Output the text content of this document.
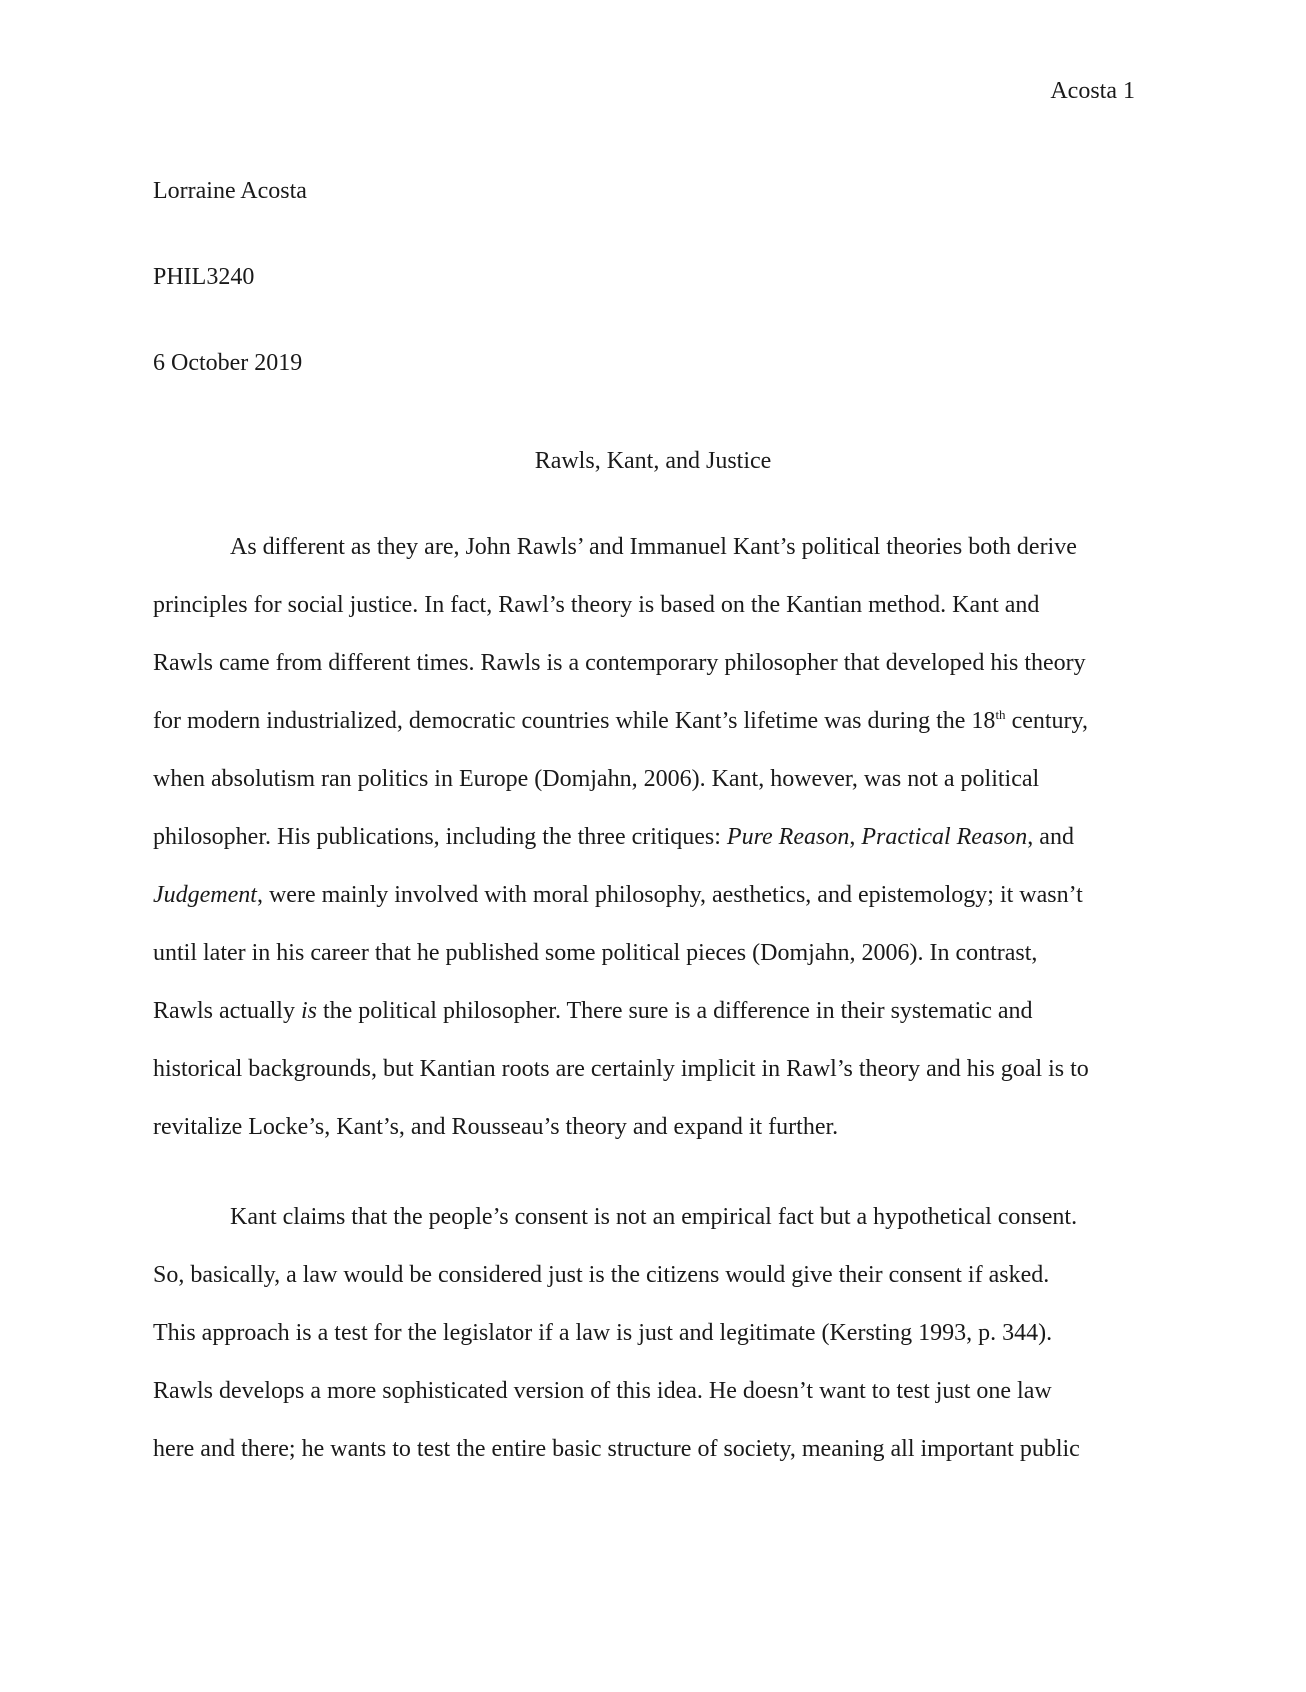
Acosta 1
Lorraine Acosta
PHIL3240
6 October 2019
Rawls, Kant, and Justice
As different as they are, John Rawls’ and Immanuel Kant’s political theories both derive
principles for social justice. In fact, Rawl’s theory is based on the Kantian method. Kant and
Rawls came from different times. Rawls is a contemporary philosopher that developed his theory
for modern industrialized, democratic countries while Kant’s lifetime was during the 18th century,
when absolutism ran politics in Europe (Domjahn, 2006). Kant, however, was not a political
philosopher. His publications, including the three critiques: Pure Reason, Practical Reason, and
Judgement, were mainly involved with moral philosophy, aesthetics, and epistemology; it wasn’t
until later in his career that he published some political pieces (Domjahn, 2006). In contrast,
Rawls actually is the political philosopher. There sure is a difference in their systematic and
historical backgrounds, but Kantian roots are certainly implicit in Rawl’s theory and his goal is to
revitalize Locke’s, Kant’s, and Rousseau’s theory and expand it further.
Kant claims that the people’s consent is not an empirical fact but a hypothetical consent.
So, basically, a law would be considered just is the citizens would give their consent if asked.
This approach is a test for the legislator if a law is just and legitimate (Kersting 1993, p. 344).
Rawls develops a more sophisticated version of this idea. He doesn’t want to test just one law
here and there; he wants to test the entire basic structure of society, meaning all important public
